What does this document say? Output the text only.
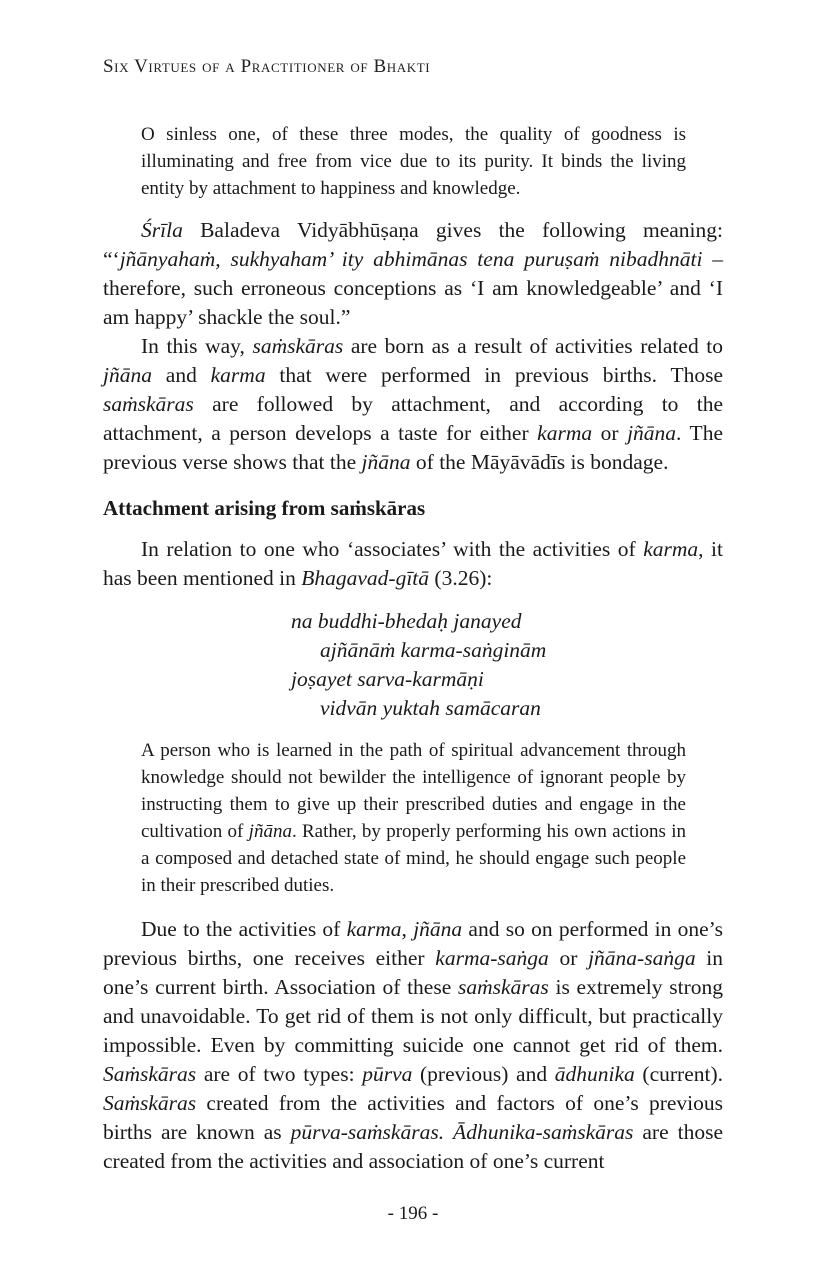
Six Virtues of a Practitioner of Bhakti
O sinless one, of these three modes, the quality of goodness is illuminating and free from vice due to its purity. It binds the living entity by attachment to happiness and knowledge.

Śrīla Baladeva Vidyābhūṣaṇa gives the following meaning: “‘jñānyahaṁ, sukhyaham’ ity abhimānas tena puruṣaṁ nibadhnāti – therefore, such erroneous conceptions as ‘I am knowledgeable’ and ‘I am happy’ shackle the soul.”

In this way, saṁskāras are born as a result of activities related to jñāna and karma that were performed in previous births. Those saṁskāras are followed by attachment, and according to the attachment, a person develops a taste for either karma or jñāna. The previous verse shows that the jñāna of the Māyāvādīs is bondage.

Attachment arising from saṁskāras

In relation to one who ‘associates’ with the activities of karma, it has been mentioned in Bhagavad-gītā (3.26):

na buddhi-bhedaḥ janayed
ajñānāṁ karma-saṅginām
joṣayet sarva-karmāṇi
vidvān yuktah samācaran
A person who is learned in the path of spiritual advancement through knowledge should not bewilder the intelligence of ignorant people by instructing them to give up their prescribed duties and engage in the cultivation of jñāna. Rather, by properly performing his own actions in a composed and detached state of mind, he should engage such people in their prescribed duties.

Due to the activities of karma, jñāna and so on performed in one’s previous births, one receives either karma-saṅga or jñāna-saṅga in one’s current birth. Association of these saṁskāras is extremely strong and unavoidable. To get rid of them is not only difficult, but practically impossible. Even by committing suicide one cannot get rid of them. Saṁskāras are of two types: pūrva (previous) and ādhunika (current). Saṁskāras created from the activities and factors of one’s previous births are known as pūrva-saṁskāras. Ādhunika-saṁskāras are those created from the activities and association of one’s current

- 196 -
